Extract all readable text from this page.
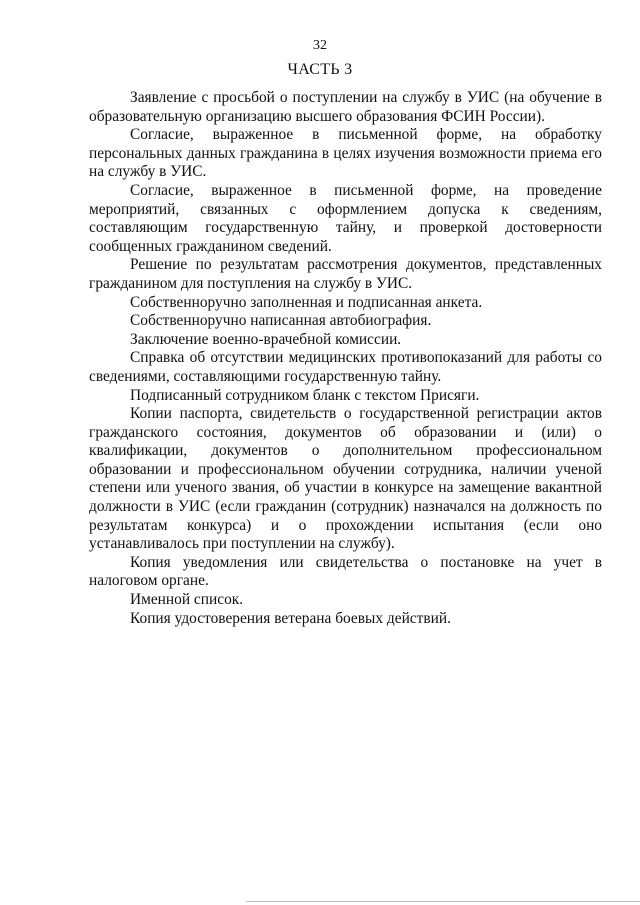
32
ЧАСТЬ 3

Заявление с просьбой о поступлении на службу в УИС (на обучение в образовательную организацию высшего образования ФСИН России).

Согласие, выраженное в письменной форме, на обработку персональных данных гражданина в целях изучения возможности приема его на службу в УИС.

Согласие, выраженное в письменной форме, на проведение мероприятий, связанных с оформлением допуска к сведениям, составляющим государственную тайну, и проверкой достоверности сообщенных гражданином сведений.

Решение по результатам рассмотрения документов, представленных гражданином для поступления на службу в УИС.

Собственноручно заполненная и подписанная анкета.

Собственноручно написанная автобиография.

Заключение военно-врачебной комиссии.

Справка об отсутствии медицинских противопоказаний для работы со сведениями, составляющими государственную тайну.

Подписанный сотрудником бланк с текстом Присяги.

Копии паспорта, свидетельств о государственной регистрации актов гражданского состояния, документов об образовании и (или) о квалификации, документов о дополнительном профессиональном образовании и профессиональном обучении сотрудника, наличии ученой степени или ученого звания, об участии в конкурсе на замещение вакантной должности в УИС (если гражданин (сотрудник) назначался на должность по результатам конкурса) и о прохождении испытания (если оно устанавливалось при поступлении на службу).

Копия уведомления или свидетельства о постановке на учет в налоговом органе.

Именной список.

Копия удостоверения ветерана боевых действий.
